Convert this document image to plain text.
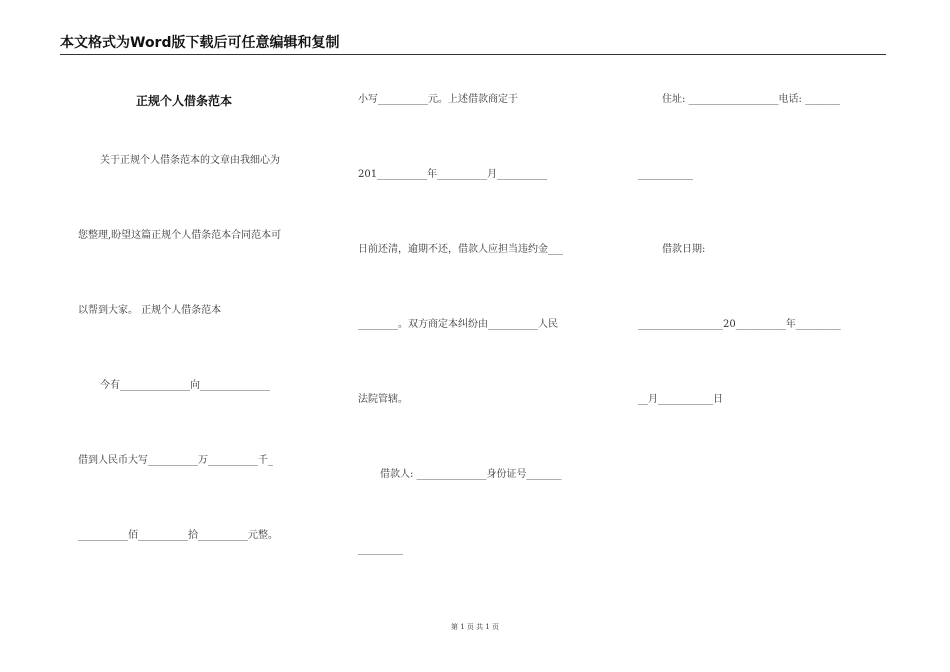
本文格式为Word版下载后可任意编辑和复制
正规个人借条范本
关于正规个人借条范本的文章由我细心为
您整理,盼望这篇正规个人借条范本合同范本可
以帮到大家。 正规个人借条范本
今有______________向______________
借到人民币大写__________万__________千_
__________佰__________拾__________元整。
小写__________元。上述借款商定于
201__________年__________月__________
日前还清，逾期不还，借款人应担当违约金___
________。双方商定本纠纷由__________人民
法院管辖。
借款人: ______________身份证号_______
_________
住址: __________________电话: _______
___________
借款日期:
_________________20__________年_________
__月___________日
第 1 页 共 1 页
